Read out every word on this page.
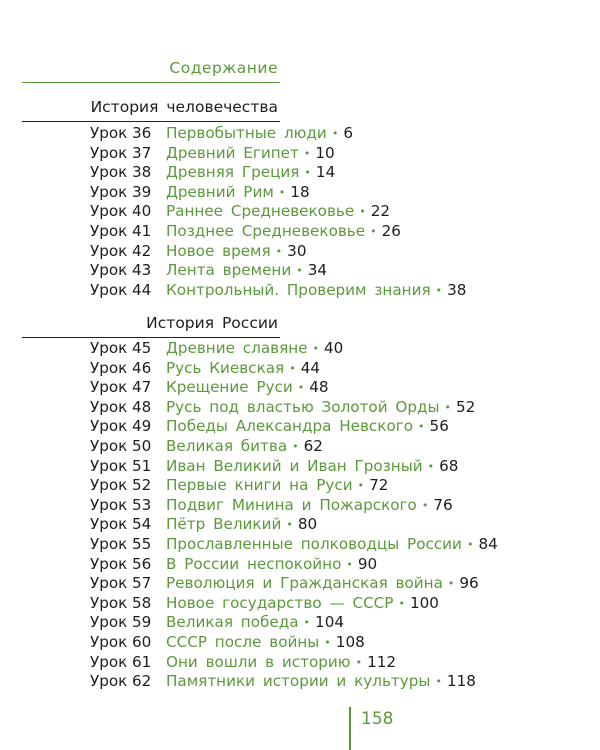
Содержание
История человечества
Урок 36 Первобытные люди • 6
Урок 37 Древний Египет • 10
Урок 38 Древняя Греция • 14
Урок 39 Древний Рим • 18
Урок 40 Раннее Средневековье • 22
Урок 41 Позднее Средневековье • 26
Урок 42 Новое время • 30
Урок 43 Лента времени • 34
Урок 44 Контрольный. Проверим знания • 38
История России
Урок 45 Древние славяне • 40
Урок 46 Русь Киевская • 44
Урок 47 Крещение Руси • 48
Урок 48 Русь под властью Золотой Орды • 52
Урок 49 Победы Александра Невского • 56
Урок 50 Великая битва • 62
Урок 51 Иван Великий и Иван Грозный • 68
Урок 52 Первые книги на Руси • 72
Урок 53 Подвиг Минина и Пожарского • 76
Урок 54 Пётр Великий • 80
Урок 55 Прославленные полководцы России • 84
Урок 56 В России неспокойно • 90
Урок 57 Революция и Гражданская война • 96
Урок 58 Новое государство — СССР • 100
Урок 59 Великая победа • 104
Урок 60 СССР после войны • 108
Урок 61 Они вошли в историю • 112
Урок 62 Памятники истории и культуры • 118
158
